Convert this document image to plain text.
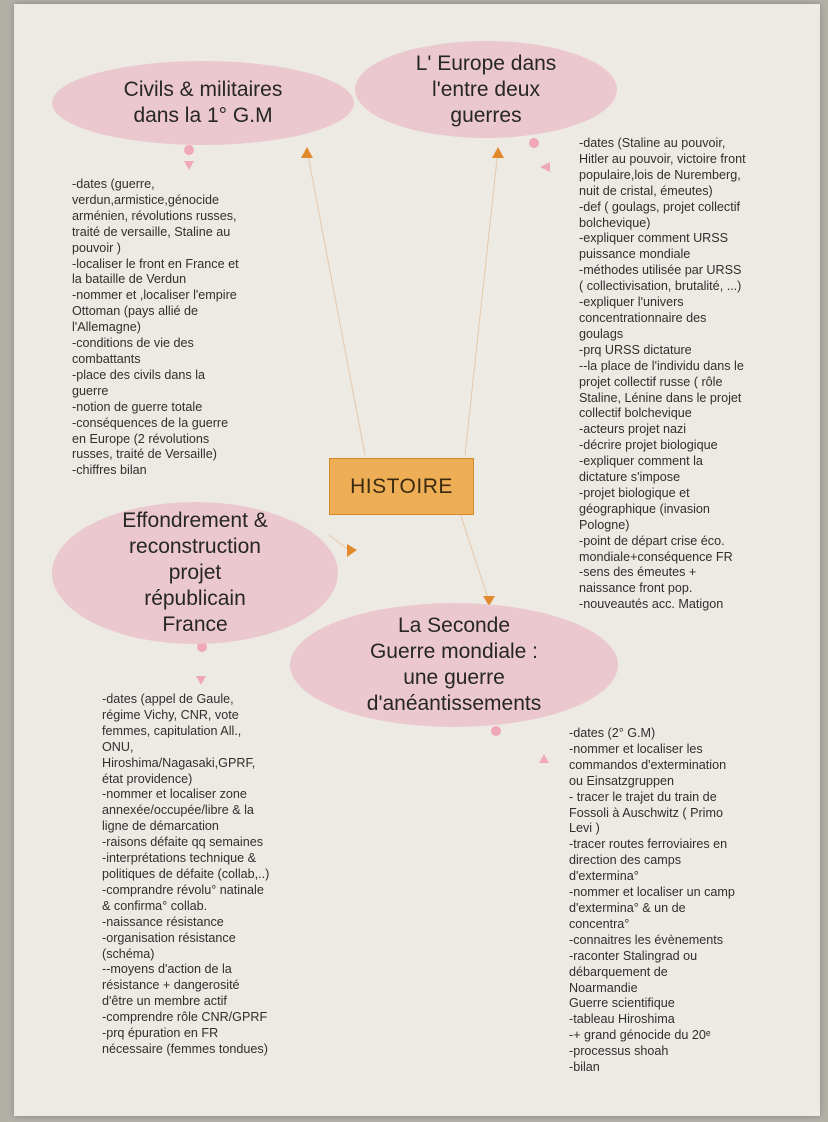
Civils & militaires
dans la 1° G.M
L' Europe dans
l'entre deux
guerres
Effondrement &
reconstruction
projet
républicain
France	La Seconde
Guerre mondiale :
une guerre
d'anéantissements
HISTOIRE
-dates (guerre,
verdun,armistice,génocide
arménien, révolutions russes,
traité de versaille, Staline au
pouvoir )
-localiser le front en France et
la bataille de Verdun
-nommer et ,localiser l'empire
Ottoman (pays allié de
l'Allemagne)
-conditions de vie des
combattants
-place des civils dans la
guerre
-notion de guerre totale
-conséquences de la guerre
en Europe (2 révolutions
russes, traité de Versaille)
-chiffres bilan
-dates (Staline au pouvoir,
Hitler au pouvoir, victoire front
populaire,lois de Nuremberg,
nuit de cristal, émeutes)
-def ( goulags, projet collectif
bolchevique)
-expliquer comment URSS
puissance mondiale
-méthodes utilisée par URSS
( collectivisation, brutalité, ...)
-expliquer l'univers
concentrationnaire des
goulags
-prq URSS dictature
--la place de l'individu dans le
projet collectif russe ( rôle
Staline, Lénine dans le projet
collectif bolchevique
-acteurs projet nazi
-décrire projet biologique
-expliquer comment la
dictature s'impose
-projet biologique et
géographique (invasion
Pologne)
-point de départ crise éco.
mondiale+conséquence FR
-sens des émeutes +
naissance front pop.
-nouveautés acc. Matigon
-dates (appel de Gaule,
régime Vichy, CNR, vote
femmes, capitulation All.,
ONU,
Hiroshima/Nagasaki,GPRF,
état providence)
-nommer et localiser zone
annexée/occupée/libre & la
ligne de démarcation
-raisons défaite qq semaines
-interprétations technique &
politiques de défaite (collab,..)
-comprandre révolu° natinale
& confirma° collab.
-naissance résistance
-organisation résistance
(schéma)
--moyens d'action de la
résistance + dangerosité
d'être un membre actif
-comprendre rôle CNR/GPRF
-prq épuration en FR
nécessaire (femmes tondues)
-dates (2° G.M)
-nommer et localiser les
commandos d'extermination
ou Einsatzgruppen
- tracer le trajet du train de
Fossoli à Auschwitz ( Primo
Levi )
-tracer routes ferroviaires en
direction des camps
d'extermina°
-nommer et localiser un camp
d'extermina° & un de
concentra°
-connaitres les évènements
-raconter Stalingrad ou
débarquement de
Noarmandie
Guerre scientifique
-tableau Hiroshima
-+ grand génocide du 20ᵉ
-processus shoah
-bilan
